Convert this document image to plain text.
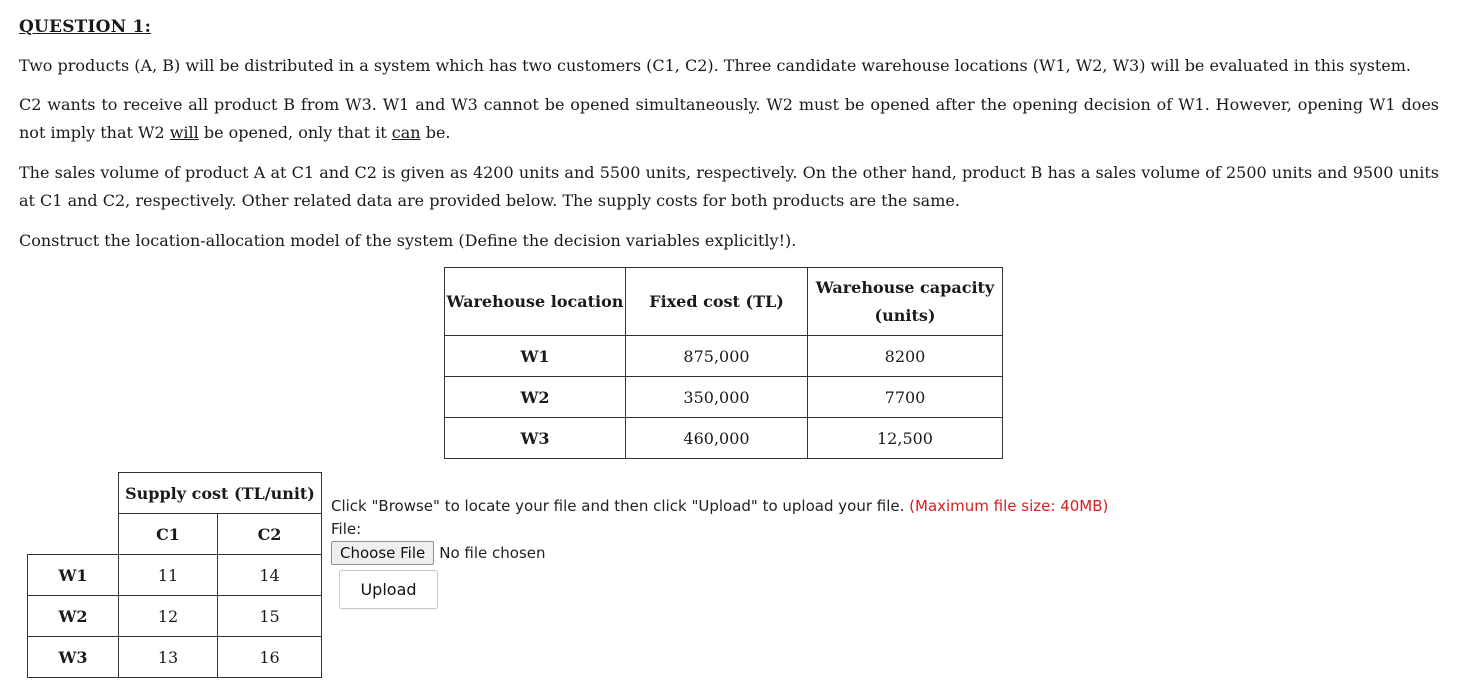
QUESTION 1:

Two products (A, B) will be distributed in a system which has two customers (C1, C2). Three candidate warehouse locations (W1, W2, W3) will be evaluated in this system.

C2 wants to receive all product B from W3. W1 and W3 cannot be opened simultaneously. W2 must be opened after the opening decision of W1. However, opening W1 does not imply that W2 will be opened, only that it can be.

The sales volume of product A at C1 and C2 is given as 4200 units and 5500 units, respectively. On the other hand, product B has a sales volume of 2500 units and 9500 units at C1 and C2, respectively. Other related data are provided below. The supply costs for both products are the same.

Construct the location-allocation model of the system (Define the decision variables explicitly!).

Warehouse location	Fixed cost (TL)	Warehouse capacity
(units)

W1	875,000	8200
W2	350,000	7700
W3	460,000	12,500
	Supply cost (TL/unit)	
	C1	C2
W1	11	14
W2	12	15
W3	13	16
Click "Browse" to locate your file and then click "Upload" to upload your file. (Maximum file size: 40MB)
File:
Choose File No file chosen
Upload
